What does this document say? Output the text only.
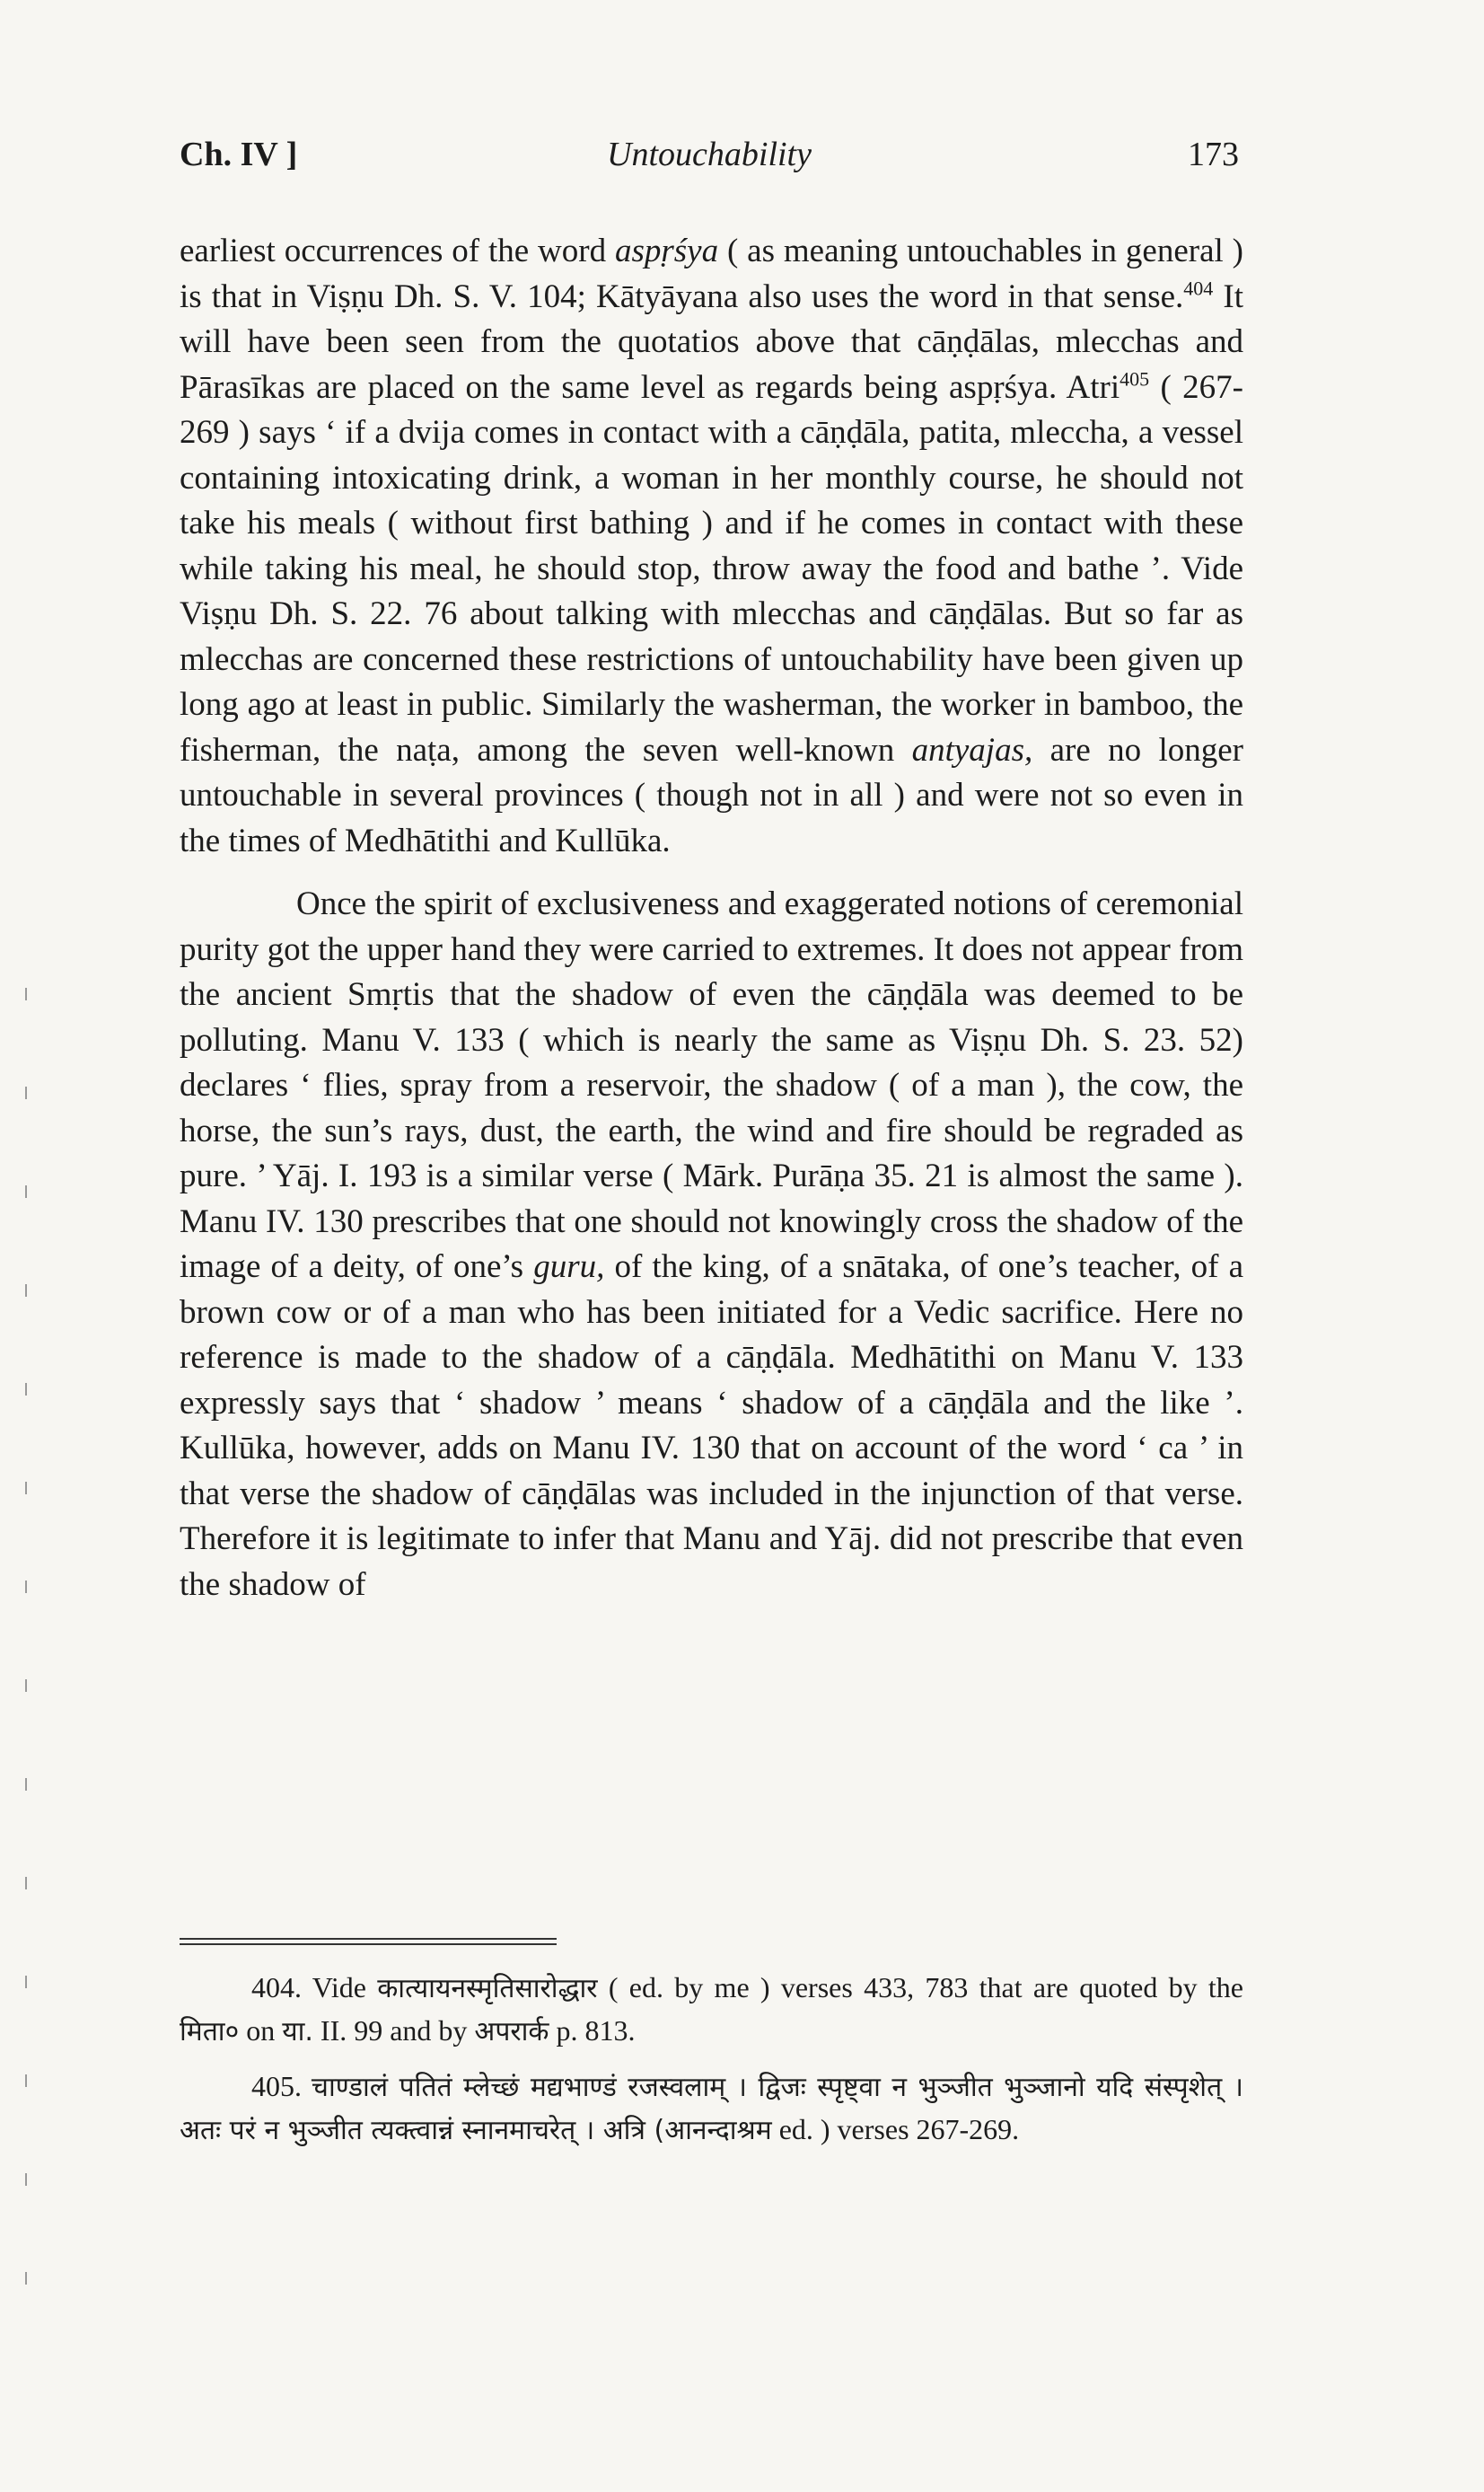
Ch. IV ]	Untouchability	173

earliest occurrences of the word aspṛśya ( as meaning untouchables in general ) is that in Viṣṇu Dh. S. V. 104; Kātyāyana also uses the word in that sense.$^{404}$ It will have been seen from the quotatios above that cāṇḍālas, mlecchas and Pārasīkas are placed on the same level as regards being aspṛśya. Atri$^{405}$ ( 267-269 ) says ‘ if a dvija comes in contact with a cāṇḍāla, patita, mleccha, a vessel containing intoxicating drink, a woman in her monthly course, he should not take his meals ( without first bathing ) and if he comes in contact with these while taking his meal, he should stop, throw away the food and bathe ’. Vide Viṣṇu Dh. S. 22. 76 about talking with mlecchas and cāṇḍālas. But so far as mlecchas are concerned these restrictions of untouchability have been given up long ago at least in public. Similarly the washerman, the worker in bamboo, the fisherman, the naṭa, among the seven well-known antyajas, are no longer untouchable in several provinces ( though not in all ) and were not so even in the times of Medhātithi and Kullūka.

Once the spirit of exclusiveness and exaggerated notions of ceremonial purity got the upper hand they were carried to extremes. It does not appear from the ancient Smṛtis that the shadow of even the cāṇḍāla was deemed to be polluting. Manu V. 133 ( which is nearly the same as Viṣṇu Dh. S. 23. 52) declares ‘ flies, spray from a reservoir, the shadow ( of a man ), the cow, the horse, the sun’s rays, dust, the earth, the wind and fire should be regraded as pure. ’ Yāj. I. 193 is a similar verse ( Mārk. Purāṇa 35. 21 is almost the same ). Manu IV. 130 prescribes that one should not knowingly cross the shadow of the image of a deity, of one’s guru, of the king, of a snātaka, of one’s teacher, of a brown cow or of a man who has been initiated for a Vedic sacrifice. Here no reference is made to the shadow of a cāṇḍāla. Medhātithi on Manu V. 133 expressly says that ‘ shadow ’ means ‘ shadow of a cāṇḍāla and the like ’. Kullūka, however, adds on Manu IV. 130 that on account of the word ‘ ca ’ in that verse the shadow of cāṇḍālas was included in the injunction of that verse. Therefore it is legitimate to infer that Manu and Yāj. did not prescribe that even the shadow of

404. Vide कात्यायनस्मृतिसारोद्धार ( ed. by me ) verses 433, 783 that are quoted by the मिता० on या. II. 99 and by अपरार्क p. 813.

405. चाण्डालं पतितं म्लेच्छं मद्यभाण्डं रजस्वलाम् । द्विजः स्पृष्ट्वा न भुञ्जीत भुञ्जानो यदि संस्पृशेत् । अतः परं न भुञ्जीत त्यक्त्वान्नं स्नानमाचरेत् । अत्रि (आनन्दाश्रम ed. ) verses 267-269.
